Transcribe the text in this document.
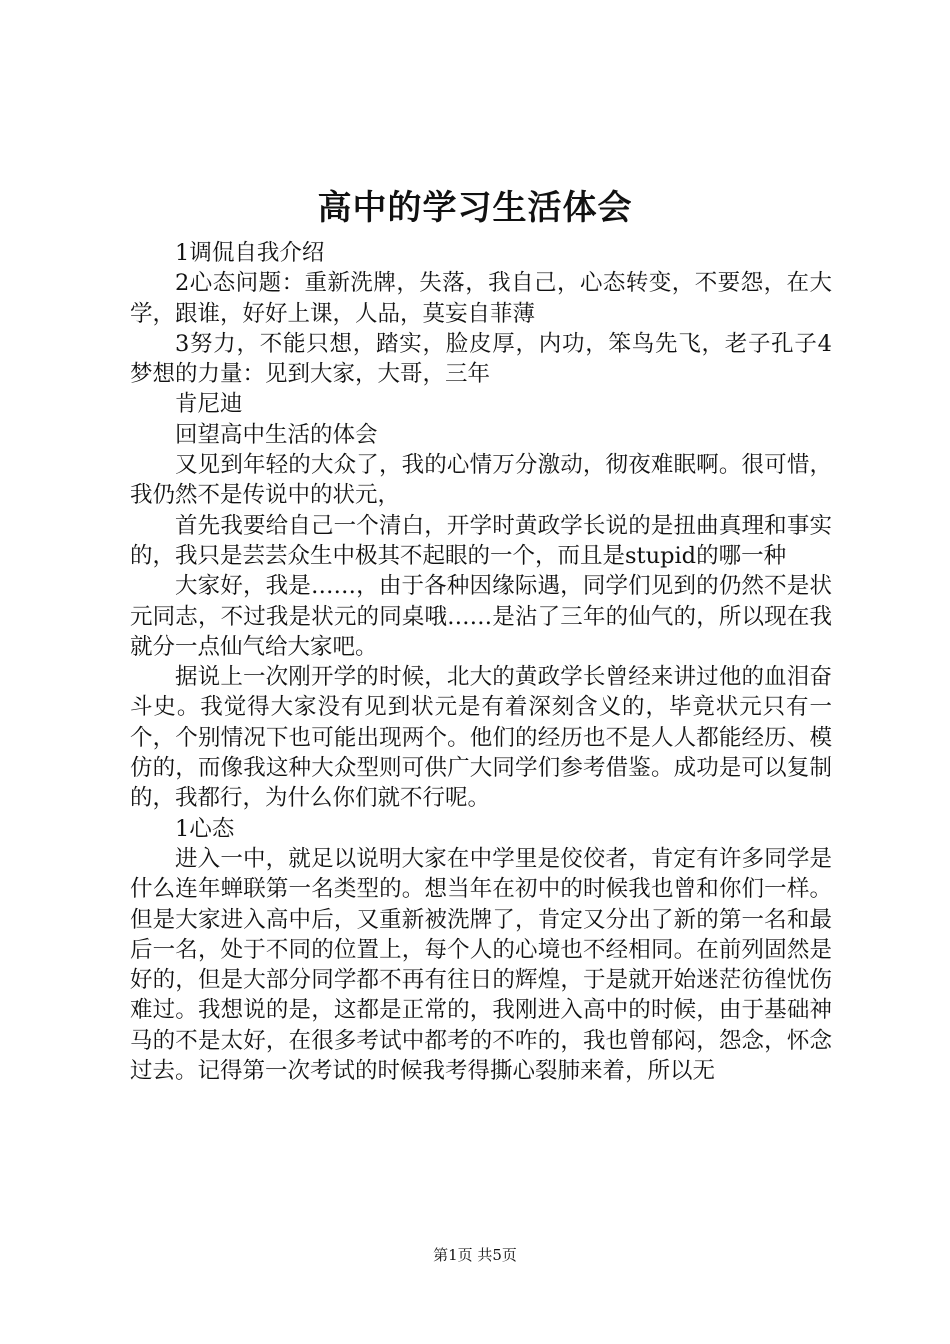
高中的学习生活体会

1调侃自我介绍

2心态问题：重新洗牌，失落，我自己，心态转变，不要怨，在大学，跟谁，好好上课，人品，莫妄自菲薄

3努力，不能只想，踏实，脸皮厚，内功，笨鸟先飞，老子孔子4梦想的力量：见到大家，大哥，三年

肯尼迪

回望高中生活的体会

又见到年轻的大众了，我的心情万分激动，彻夜难眠啊。很可惜，我仍然不是传说中的状元，

首先我要给自己一个清白，开学时黄政学长说的是扭曲真理和事实的，我只是芸芸众生中极其不起眼的一个，而且是stupid的哪一种

大家好，我是……，由于各种因缘际遇，同学们见到的仍然不是状元同志，不过我是状元的同桌哦……是沾了三年的仙气的，所以现在我就分一点仙气给大家吧。

据说上一次刚开学的时候，北大的黄政学长曾经来讲过他的血泪奋斗史。我觉得大家没有见到状元是有着深刻含义的，毕竟状元只有一个，个别情况下也可能出现两个。他们的经历也不是人人都能经历、模仿的，而像我这种大众型则可供广大同学们参考借鉴。成功是可以复制的，我都行，为什么你们就不行呢。

1心态

进入一中，就足以说明大家在中学里是佼佼者，肯定有许多同学是什么连年蝉联第一名类型的。想当年在初中的时候我也曾和你们一样。但是大家进入高中后，又重新被洗牌了，肯定又分出了新的第一名和最后一名，处于不同的位置上，每个人的心境也不经相同。在前列固然是好的，但是大部分同学都不再有往日的辉煌，于是就开始迷茫彷徨忧伤难过。我想说的是，这都是正常的，我刚进入高中的时候，由于基础神马的不是太好，在很多考试中都考的不咋的，我也曾郁闷，怨念，怀念过去。记得第一次考试的时候我考得撕心裂肺来着，所以无

第1页 共5页
